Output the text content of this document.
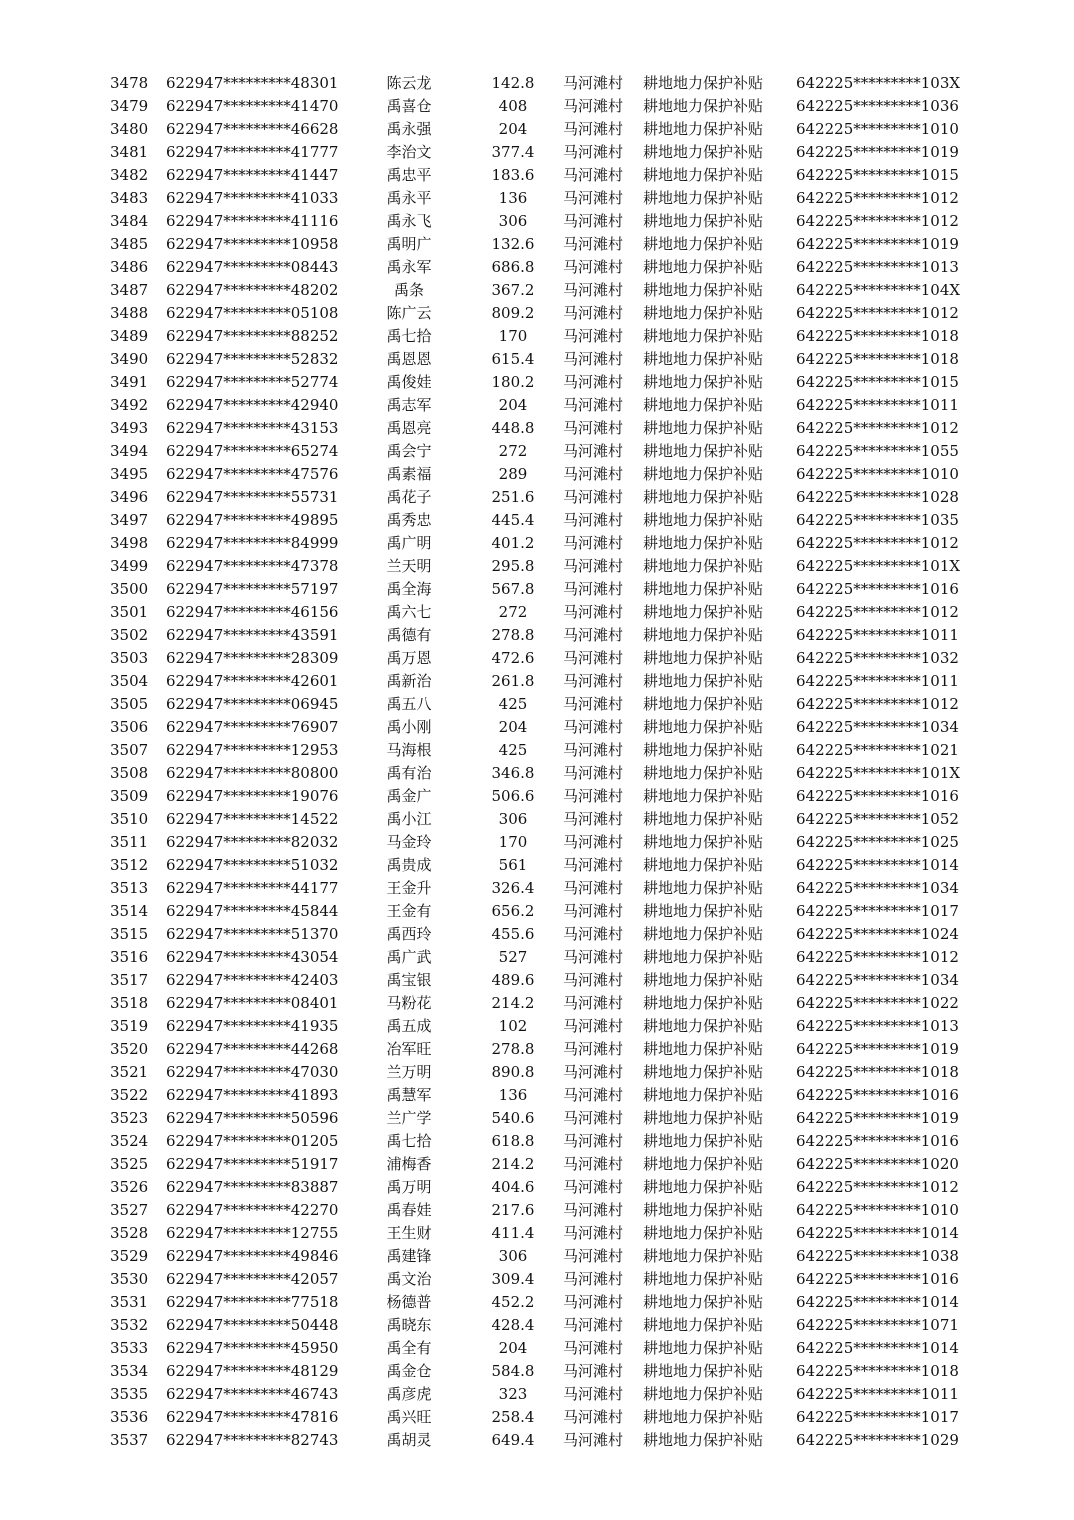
3478 622947*********48301	陈云龙	142.8	马河滩村 耕地地力保护补贴 642225*********103X
3479 622947*********41470	禹喜仓	408	马河滩村 耕地地力保护补贴 642225*********1036
3480 622947*********46628	禹永强	204	马河滩村 耕地地力保护补贴 642225*********1010
3481 622947*********41777	李治文	377.4	马河滩村 耕地地力保护补贴 642225*********1019
3482 622947*********41447	禹忠平	183.6	马河滩村 耕地地力保护补贴 642225*********1015
3483 622947*********41033	禹永平	136	马河滩村 耕地地力保护补贴 642225*********1012
3484 622947*********41116	禹永飞	306	马河滩村 耕地地力保护补贴 642225*********1012
3485 622947*********10958	禹明广	132.6	马河滩村 耕地地力保护补贴 642225*********1019
3486 622947*********08443	禹永军	686.8	马河滩村 耕地地力保护补贴 642225*********1013
3487 622947*********48202	禹条	367.2	马河滩村 耕地地力保护补贴 642225*********104X
3488 622947*********05108	陈广云	809.2	马河滩村 耕地地力保护补贴 642225*********1012
3489 622947*********88252	禹七拾	170	马河滩村 耕地地力保护补贴 642225*********1018
3490 622947*********52832	禹恩恩	615.4	马河滩村 耕地地力保护补贴 642225*********1018
3491 622947*********52774	禹俊娃	180.2	马河滩村 耕地地力保护补贴 642225*********1015
3492 622947*********42940	禹志军	204	马河滩村 耕地地力保护补贴 642225*********1011
3493 622947*********43153	禹恩亮	448.8	马河滩村 耕地地力保护补贴 642225*********1012
3494 622947*********65274	禹会宁	272	马河滩村 耕地地力保护补贴 642225*********1055
3495 622947*********47576	禹素福	289	马河滩村 耕地地力保护补贴 642225*********1010
3496 622947*********55731	禹花子	251.6	马河滩村 耕地地力保护补贴 642225*********1028
3497 622947*********49895	禹秀忠	445.4	马河滩村 耕地地力保护补贴 642225*********1035
3498 622947*********84999	禹广明	401.2	马河滩村 耕地地力保护补贴 642225*********1012
3499 622947*********47378	兰天明	295.8	马河滩村 耕地地力保护补贴 642225*********101X
3500 622947*********57197	禹全海	567.8	马河滩村 耕地地力保护补贴 642225*********1016
3501 622947*********46156	禹六七	272	马河滩村 耕地地力保护补贴 642225*********1012
3502 622947*********43591	禹德有	278.8	马河滩村 耕地地力保护补贴 642225*********1011
3503 622947*********28309	禹万恩	472.6	马河滩村 耕地地力保护补贴 642225*********1032
3504 622947*********42601	禹新治	261.8	马河滩村 耕地地力保护补贴 642225*********1011
3505 622947*********06945	禹五八	425	马河滩村 耕地地力保护补贴 642225*********1012
3506 622947*********76907	禹小刚	204	马河滩村 耕地地力保护补贴 642225*********1034
3507 622947*********12953	马海根	425	马河滩村 耕地地力保护补贴 642225*********1021
3508 622947*********80800	禹有治	346.8	马河滩村 耕地地力保护补贴 642225*********101X
3509 622947*********19076	禹金广	506.6	马河滩村 耕地地力保护补贴 642225*********1016
3510 622947*********14522	禹小江	306	马河滩村 耕地地力保护补贴 642225*********1052
3511 622947*********82032	马金玲	170	马河滩村 耕地地力保护补贴 642225*********1025
3512 622947*********51032	禹贵成	561	马河滩村 耕地地力保护补贴 642225*********1014
3513 622947*********44177	王金升	326.4	马河滩村 耕地地力保护补贴 642225*********1034
3514 622947*********45844	王金有	656.2	马河滩村 耕地地力保护补贴 642225*********1017
3515 622947*********51370	禹西玲	455.6	马河滩村 耕地地力保护补贴 642225*********1024
3516 622947*********43054	禹广武	527	马河滩村 耕地地力保护补贴 642225*********1012
3517 622947*********42403	禹宝银	489.6	马河滩村 耕地地力保护补贴 642225*********1034
3518 622947*********08401	马粉花	214.2	马河滩村 耕地地力保护补贴 642225*********1022
3519 622947*********41935	禹五成	102	马河滩村 耕地地力保护补贴 642225*********1013
3520 622947*********44268	冶军旺	278.8	马河滩村 耕地地力保护补贴 642225*********1019
3521 622947*********47030	兰万明	890.8	马河滩村 耕地地力保护补贴 642225*********1018
3522 622947*********41893	禹慧军	136	马河滩村 耕地地力保护补贴 642225*********1016
3523 622947*********50596	兰广学	540.6	马河滩村 耕地地力保护补贴 642225*********1019
3524 622947*********01205	禹七拾	618.8	马河滩村 耕地地力保护补贴 642225*********1016
3525 622947*********51917	浦梅香	214.2	马河滩村 耕地地力保护补贴 642225*********1020
3526 622947*********83887	禹万明	404.6	马河滩村 耕地地力保护补贴 642225*********1012
3527 622947*********42270	禹春娃	217.6	马河滩村 耕地地力保护补贴 642225*********1010
3528 622947*********12755	王生财	411.4	马河滩村 耕地地力保护补贴 642225*********1014
3529 622947*********49846	禹建锋	306	马河滩村 耕地地力保护补贴 642225*********1038
3530 622947*********42057	禹文治	309.4	马河滩村 耕地地力保护补贴 642225*********1016
3531 622947*********77518	杨德普	452.2	马河滩村 耕地地力保护补贴 642225*********1014
3532 622947*********50448	禹晓东	428.4	马河滩村 耕地地力保护补贴 642225*********1071
3533 622947*********45950	禹全有	204	马河滩村 耕地地力保护补贴 642225*********1014
3534 622947*********48129	禹金仓	584.8	马河滩村 耕地地力保护补贴 642225*********1018
3535 622947*********46743	禹彦虎	323	马河滩村 耕地地力保护补贴 642225*********1011
3536 622947*********47816	禹兴旺	258.4	马河滩村 耕地地力保护补贴 642225*********1017
3537 622947*********82743	禹胡灵	649.4	马河滩村 耕地地力保护补贴 642225*********1029
